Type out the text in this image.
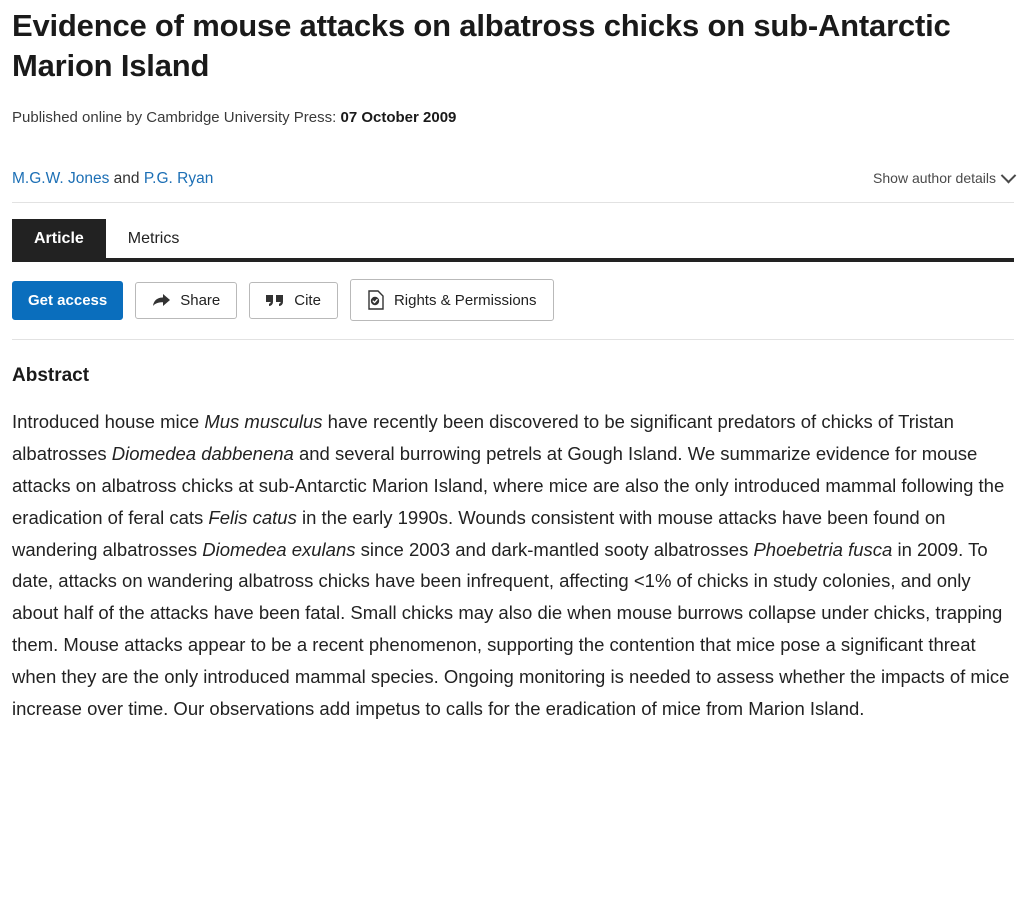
Evidence of mouse attacks on albatross chicks on sub-Antarctic Marion Island
Published online by Cambridge University Press: 07 October 2009
M.G.W. Jones and P.G. Ryan	Show author details
Article	Metrics
Get access	Share	Cite	Rights & Permissions
Abstract
Introduced house mice Mus musculus have recently been discovered to be significant predators of chicks of Tristan albatrosses Diomedea dabbenena and several burrowing petrels at Gough Island. We summarize evidence for mouse attacks on albatross chicks at sub-Antarctic Marion Island, where mice are also the only introduced mammal following the eradication of feral cats Felis catus in the early 1990s. Wounds consistent with mouse attacks have been found on wandering albatrosses Diomedea exulans since 2003 and dark-mantled sooty albatrosses Phoebetria fusca in 2009. To date, attacks on wandering albatross chicks have been infrequent, affecting <1% of chicks in study colonies, and only about half of the attacks have been fatal. Small chicks may also die when mouse burrows collapse under chicks, trapping them. Mouse attacks appear to be a recent phenomenon, supporting the contention that mice pose a significant threat when they are the only introduced mammal species. Ongoing monitoring is needed to assess whether the impacts of mice increase over time. Our observations add impetus to calls for the eradication of mice from Marion Island.
